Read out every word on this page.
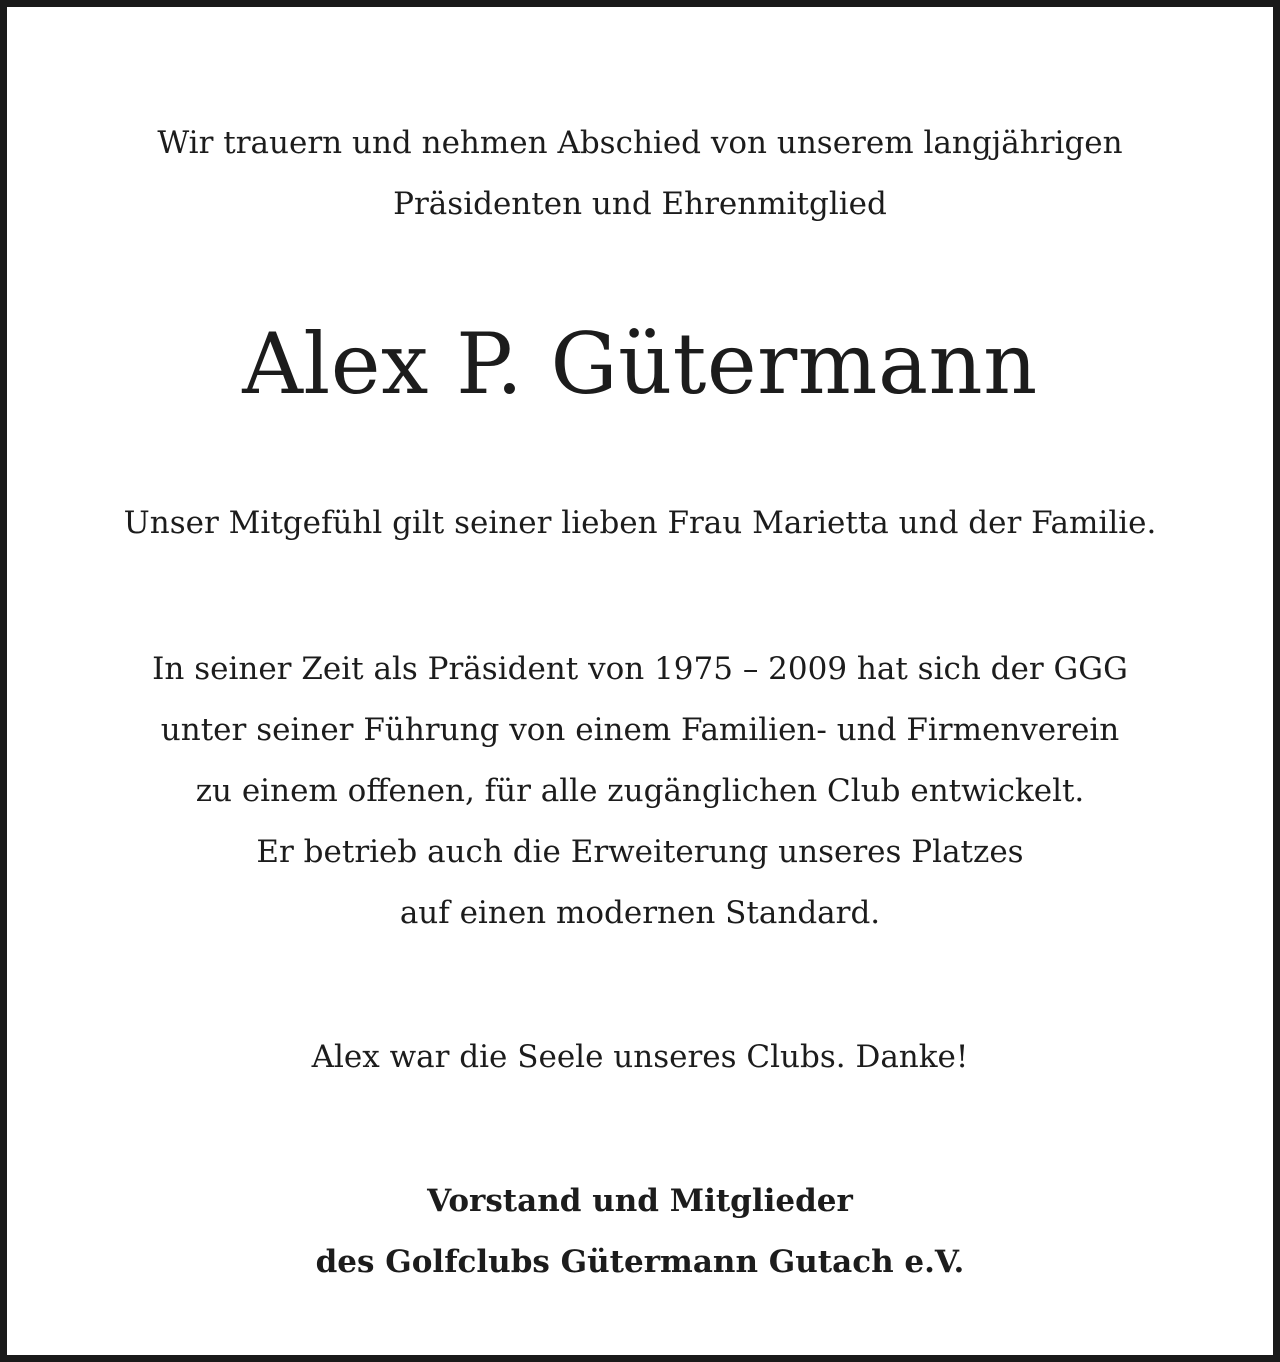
Wir trauern und nehmen Abschied von unserem langjährigen
Präsidenten und Ehrenmitglied

Alex P. Gütermann

Unser Mitgefühl gilt seiner lieben Frau Marietta und der Familie.

In seiner Zeit als Präsident von 1975 – 2009 hat sich der GGG
unter seiner Führung von einem Familien- und Firmenverein
zu einem offenen, für alle zugänglichen Club entwickelt.
Er betrieb auch die Erweiterung unseres Platzes
auf einen modernen Standard.

Alex war die Seele unseres Clubs. Danke!

Vorstand und Mitglieder
des Golfclubs Gütermann Gutach e.V.
